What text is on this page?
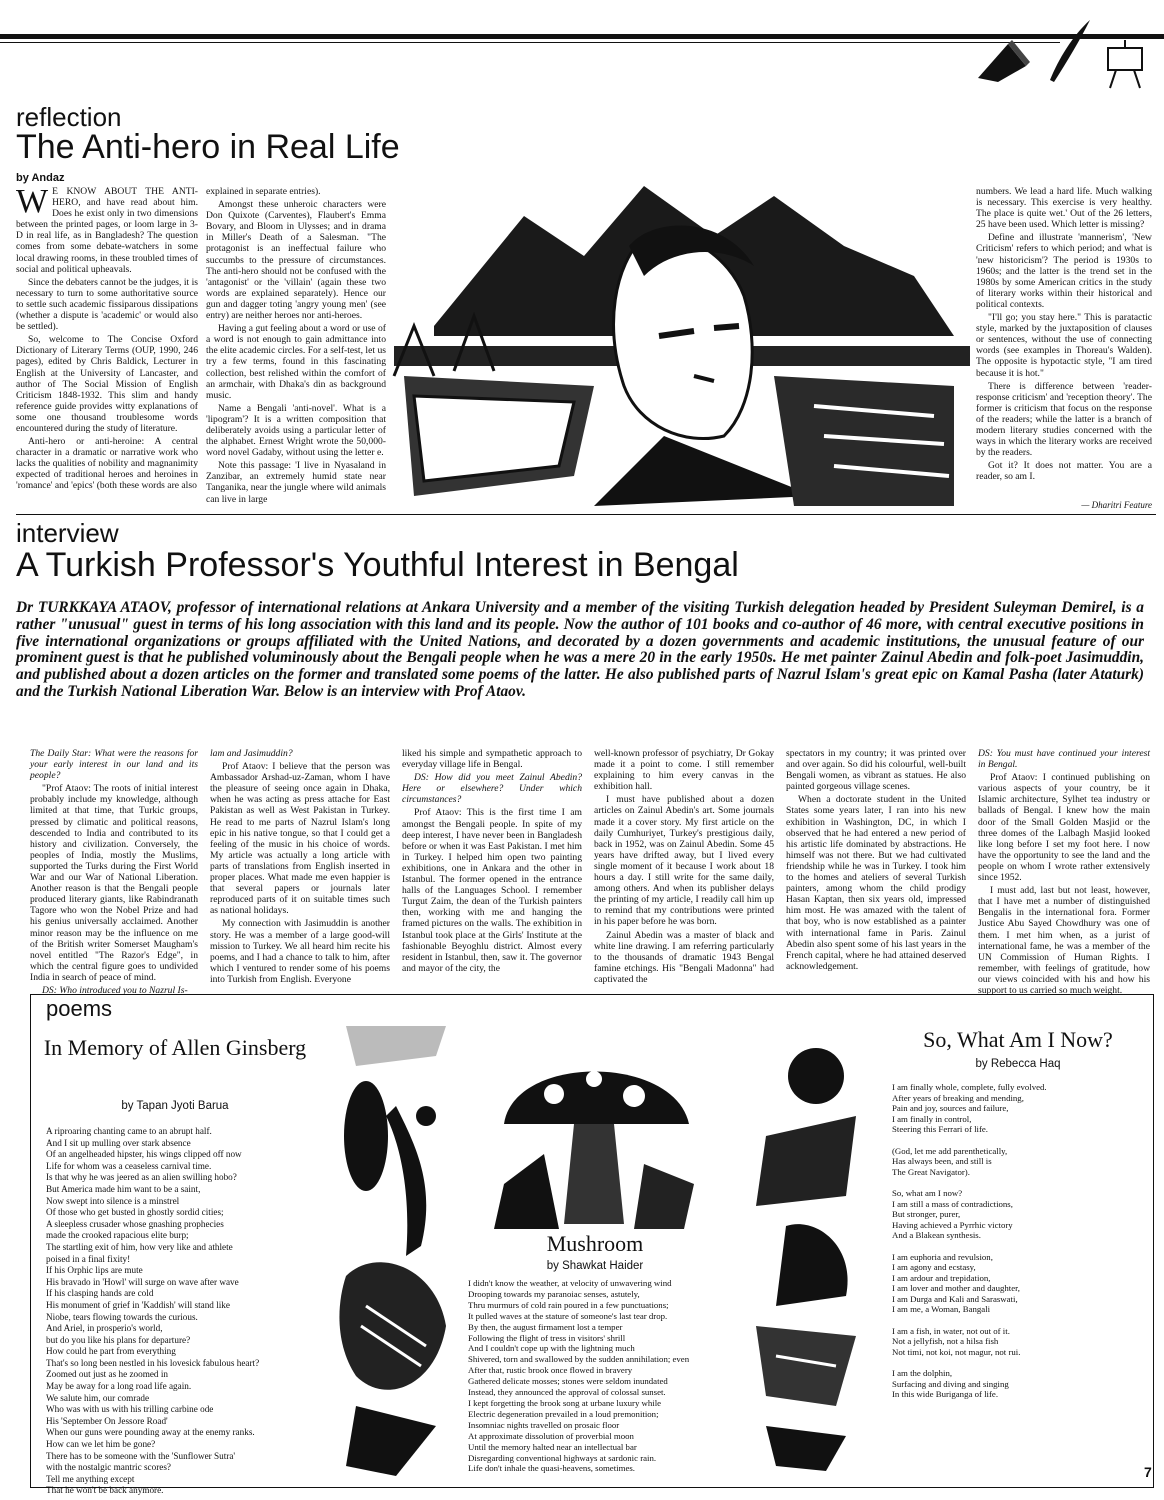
reflection
The Anti-hero in Real Life
by Andaz

W E KNOW ABOUT THE ANTI-HERO, and have read about him. Does he exist only in two dimensions between the printed pages, or loom large in 3-D in real life, as in Bangladesh? The question comes from some debate-watchers in some local drawing rooms, in these troubled times of social and political upheavals.

Since the debaters cannot be the judges, it is necessary to turn to some authoritative source to settle such academic fissiparous dissipations (whether a dispute is 'academic' or would also be settled).

So, welcome to The Concise Oxford Dictionary of Literary Terms (OUP, 1990, 246 pages), edited by Chris Baldick, Lecturer in English at the University of Lancaster, and author of The Social Mission of English Criticism 1848-1932. This slim and handy reference guide provides witty explanations of some one thousand troublesome words encountered during the study of literature.

Anti-hero or anti-heroine: A central character in a dramatic or narrative work who lacks the qualities of nobility and magnanimity expected of traditional heroes and heroines in 'romance' and 'epics' (both these words are also

explained in separate entries).

Amongst these unheroic characters were Don Quixote (Carventes), Flaubert's Emma Bovary, and Bloom in Ulysses; and in drama in Miller's Death of a Salesman. "The protagonist is an ineffectual failure who succumbs to the pressure of circumstances. The anti-hero should not be confused with the 'antagonist' or the 'villain' (again these two words are explained separately). Hence our gun and dagger toting 'angry young men' (see entry) are neither heroes nor anti-heroes.

Having a gut feeling about a word or use of a word is not enough to gain admittance into the elite academic circles. For a self-test, let us try a few terms, found in this fascinating collection, best relished within the comfort of an armchair, with Dhaka's din as background music.

Name a Bengali 'anti-novel'. What is a 'lipogram'? It is a written composition that deliberately avoids using a particular letter of the alphabet. Ernest Wright wrote the 50,000-word novel Gadaby, without using the letter e.

Note this passage: 'I live in Nyasaland in Zanzibar, an extremely humid state near Tanganika, near the jungle where wild animals can live in large

numbers. We lead a hard life. Much walking is necessary. This exercise is very healthy. The place is quite wet.' Out of the 26 letters, 25 have been used. Which letter is missing?

Define and illustrate 'mannerism', 'New Criticism' refers to which period; and what is 'new historicism'? The period is 1930s to 1960s; and the latter is the trend set in the 1980s by some American critics in the study of literary works within their historical and political contexts.

"I'll go; you stay here." This is paratactic style, marked by the juxtaposition of clauses or sentences, without the use of connecting words (see examples in Thoreau's Walden). The opposite is hypotactic style, "I am tired because it is hot."

There is difference between 'reader-response criticism' and 'reception theory'. The former is criticism that focus on the response of the readers; while the latter is a branch of modern literary studies concerned with the ways in which the literary works are received by the readers.

Got it? It does not matter. You are a reader, so am I.

— Dharitri Feature
interview
A Turkish Professor's Youthful Interest in Bengal
Dr TURKKAYA ATAOV, professor of international relations at Ankara University and a member of the visiting Turkish delegation headed by President Suleyman Demirel, is a rather "unusual" guest in terms of his long association with this land and its people. Now the author of 101 books and co-author of 46 more, with central executive positions in five international organizations or groups affiliated with the United Nations, and decorated by a dozen governments and academic institutions, the unusual feature of our prominent guest is that he published voluminously about the Bengali people when he was a mere 20 in the early 1950s. He met painter Zainul Abedin and folk-poet Jasimuddin, and published about a dozen articles on the former and translated some poems of the latter. He also published parts of Nazrul Islam's great epic on Kamal Pasha (later Ataturk) and the Turkish National Liberation War. Below is an interview with Prof Ataov.

The Daily Star: What were the reasons for your early interest in our land and its people?

"Prof Ataov: The roots of initial interest probably include my knowledge, although limited at that time, that Turkic groups, pressed by climatic and political reasons, descended to India and contributed to its history and civilization. Conversely, the peoples of India, mostly the Muslims, supported the Turks during the First World War and our War of National Liberation. Another reason is that the Bengali people produced literary giants, like Rabindranath Tagore who won the Nobel Prize and had his genius universally acclaimed. Another minor reason may be the influence on me of the British writer Somerset Maugham's novel entitled "The Razor's Edge", in which the central figure goes to undivided India in search of peace of mind.

DS: Who introduced you to Nazrul Is-

lam and Jasimuddin?

Prof Ataov: I believe that the person was Ambassador Arshad-uz-Zaman, whom I have the pleasure of seeing once again in Dhaka, when he was acting as press attache for East Pakistan as well as West Pakistan in Turkey. He read to me parts of Nazrul Islam's long epic in his native tongue, so that I could get a feeling of the music in his choice of words. My article was actually a long article with parts of translations from English inserted in proper places. What made me even happier is that several papers or journals later reproduced parts of it on suitable times such as national holidays.

My connection with Jasimuddin is another story. He was a member of a large good-will mission to Turkey. We all heard him recite his poems, and I had a chance to talk to him, after which I ventured to render some of his poems into Turkish from English. Everyone

liked his simple and sympathetic approach to everyday village life in Bengal.

DS: How did you meet Zainul Abedin? Here or elsewhere? Under which circumstances?

Prof Ataov: This is the first time I am amongst the Bengali people. In spite of my deep interest, I have never been in Bangladesh before or when it was East Pakistan. I met him in Turkey. I helped him open two painting exhibitions, one in Ankara and the other in Istanbul. The former opened in the entrance halls of the Languages School. I remember Turgut Zaim, the dean of the Turkish painters then, working with me and hanging the framed pictures on the walls. The exhibition in Istanbul took place at the Girls' Institute at the fashionable Beyoghlu district. Almost every resident in Istanbul, then, saw it. The governor and mayor of the city, the

well-known professor of psychiatry, Dr Gokay made it a point to come. I still remember explaining to him every canvas in the exhibition hall.

I must have published about a dozen articles on Zainul Abedin's art. Some journals made it a cover story. My first article on the daily Cumhuriyet, Turkey's prestigious daily, back in 1952, was on Zainul Abedin. Some 45 years have drifted away, but I lived every single moment of it because I work about 18 hours a day. I still write for the same daily, among others. And when its publisher delays the printing of my article, I readily call him up to remind that my contributions were printed in his paper before he was born.

Zainul Abedin was a master of black and white line drawing. I am referring particularly to the thousands of dramatic 1943 Bengal famine etchings. His "Bengali Madonna" had captivated the

spectators in my country; it was printed over and over again. So did his colourful, well-built Bengali women, as vibrant as statues. He also painted gorgeous village scenes.

When a doctorate student in the United States some years later, I ran into his new exhibition in Washington, DC, in which I observed that he had entered a new period of his artistic life dominated by abstractions. He himself was not there. But we had cultivated friendship while he was in Turkey. I took him to the homes and ateliers of several Turkish painters, among whom the child prodigy Hasan Kaptan, then six years old, impressed him most. He was amazed with the talent of that boy, who is now established as a painter with international fame in Paris. Zainul Abedin also spent some of his last years in the French capital, where he had attained deserved acknowledgement.

DS: You must have continued your interest in Bengal.

Prof Ataov: I continued publishing on various aspects of your country, be it Islamic architecture, Sylhet tea industry or ballads of Bengal. I knew how the main door of the Small Golden Masjid or the three domes of the Lalbagh Masjid looked like long before I set my foot here. I now have the opportunity to see the land and the people on whom I wrote rather extensively since 1952.

I must add, last but not least, however, that I have met a number of distinguished Bengalis in the international fora. Former Justice Abu Sayed Chowdhury was one of them. I met him when, as a jurist of international fame, he was a member of the UN Commission of Human Rights. I remember, with feelings of gratitude, how our views coincided with his and how his support to us carried so much weight.

poems
In Memory of Allen Ginsberg
by Tapan Jyoti Barua
A riproaring chanting came to an abrupt half.
And I sit up mulling over stark absence
Of an angelheaded hipster, his wings clipped off now
Life for whom was a ceaseless carnival time.
Is that why he was jeered as an alien swilling hobo?
But America made him want to be a saint,
Now swept into silence is a minstrel
Of those who get busted in ghostly sordid cities;
A sleepless crusader whose gnashing prophecies
made the crooked rapacious elite burp;
The startling exit of him, how very like and athlete
poised in a final fixity!
If his Orphic lips are mute
His bravado in 'Howl' will surge on wave after wave
If his clasping hands are cold
His monument of grief in 'Kaddish' will stand like
Niobe, tears flowing towards the curious.
And Ariel, in prosperio's world,
but do you like his plans for departure?
How could he part from everything
That's so long been nestled in his lovesick fabulous heart?
Zoomed out just as he zoomed in
May be away for a long road life again.
We salute him, our comrade
Who was with us with his trilling carbine ode
His 'September On Jessore Road'
When our guns were pounding away at the enemy ranks.
How can we let him be gone?
There has to be someone with the 'Sunflower Sutra'
with the nostalgic mantric scores?
Tell me anything except
That he won't be back anymore.
Mushroom
by Shawkat Haider
I didn't know the weather, at velocity of unwavering wind
Drooping towards my paranoiac senses, astutely,
Thru murmurs of cold rain poured in a few punctuations;
It pulled waves at the stature of someone's last tear drop.
By then, the august firmament lost a temper
Following the flight of tress in visitors' shrill
And I couldn't cope up with the lightning much
Shivered, torn and swallowed by the sudden annihilation; even
After that, rustic brook once flowed in bravery
Gathered delicate mosses; stones were seldom inundated
Instead, they announced the approval of colossal sunset.
I kept forgetting the brook song at urbane luxury while
Electric degeneration prevailed in a loud premonition;
Insomniac nights travelled on prosaic floor
At approximate dissolution of proverbial moon
Until the memory halted near an intellectual bar
Disregarding conventional highways at sardonic rain.
Life don't inhale the quasi-heavens, sometimes.
So, What Am I Now?
by Rebecca Haq
I am finally whole, complete, fully evolved.
After years of breaking and mending,
Pain and joy, sources and failure,
I am finally in control,
Steering this Ferrari of life.

(God, let me add parenthetically,
Has always been, and still is
The Great Navigator).

So, what am I now?
I am still a mass of contradictions,
But stronger, purer,
Having achieved a Pyrrhic victory
And a Blakean synthesis.

I am euphoria and revulsion,
I am agony and ecstasy,
I am ardour and trepidation,
I am lover and mother and daughter,
I am Durga and Kali and Saraswati,
I am me, a Woman, Bangali

I am a fish, in water, not out of it.
Not a jellyfish, not a hilsa fish
Not timi, not koi, not magur, not rui.

I am the dolphin,
Surfacing and diving and singing
In this wide Buriganga of life.
7
